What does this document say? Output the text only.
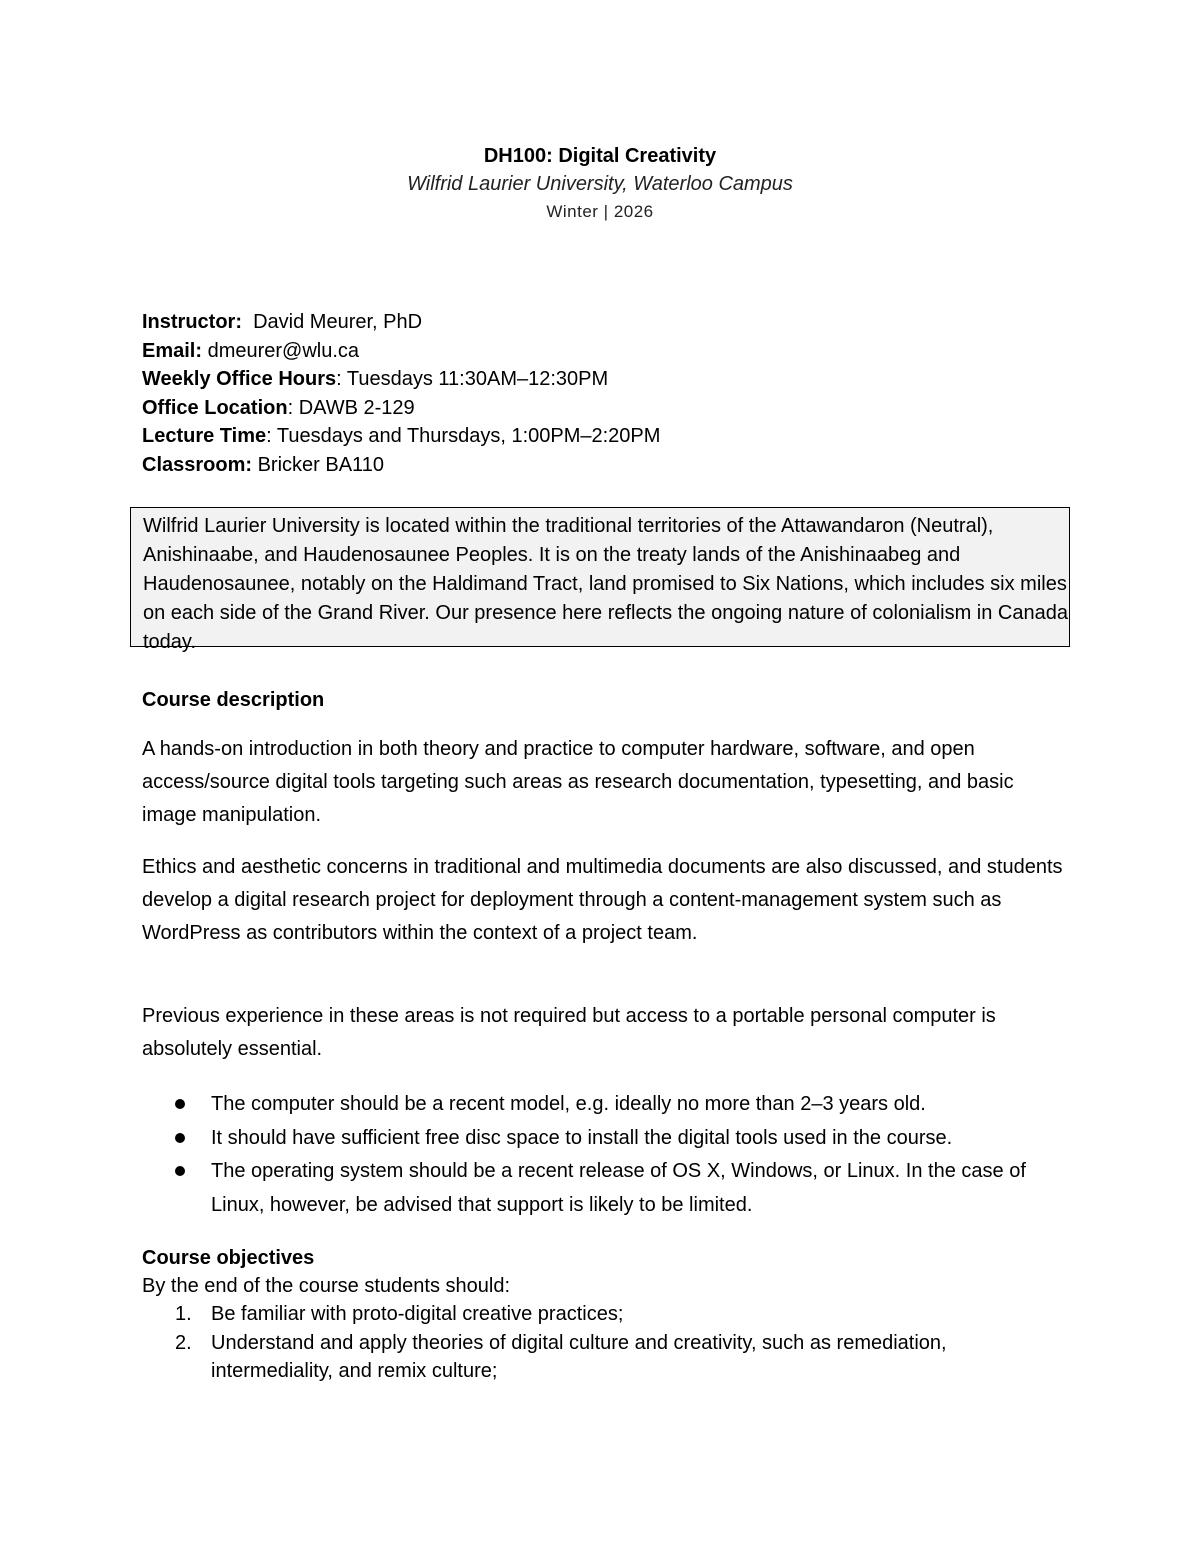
DH100: Digital Creativity
Wilfrid Laurier University, Waterloo Campus
Winter | 2026
Instructor:  David Meurer, PhD
Email: dmeurer@wlu.ca
Weekly Office Hours: Tuesdays 11:30AM–12:30PM
Office Location: DAWB 2-129
Lecture Time: Tuesdays and Thursdays, 1:00PM–2:20PM
Classroom: Bricker BA110
Wilfrid Laurier University is located within the traditional territories of the Attawandaron (Neutral), Anishinaabe, and Haudenosaunee Peoples. It is on the treaty lands of the Anishinaabeg and Haudenosaunee, notably on the Haldimand Tract, land promised to Six Nations, which includes six miles on each side of the Grand River. Our presence here reflects the ongoing nature of colonialism in Canada today.
Course description
A hands-on introduction in both theory and practice to computer hardware, software, and open access/source digital tools targeting such areas as research documentation, typesetting, and basic image manipulation.
Ethics and aesthetic concerns in traditional and multimedia documents are also discussed, and students develop a digital research project for deployment through a content-management system such as WordPress as contributors within the context of a project team.
Previous experience in these areas is not required but access to a portable personal computer is absolutely essential.
The computer should be a recent model, e.g. ideally no more than 2–3 years old.
It should have sufficient free disc space to install the digital tools used in the course.
The operating system should be a recent release of OS X, Windows, or Linux. In the case of Linux, however, be advised that support is likely to be limited.
Course objectives
By the end of the course students should:
1. Be familiar with proto-digital creative practices;
2. Understand and apply theories of digital culture and creativity, such as remediation, intermediality, and remix culture;
